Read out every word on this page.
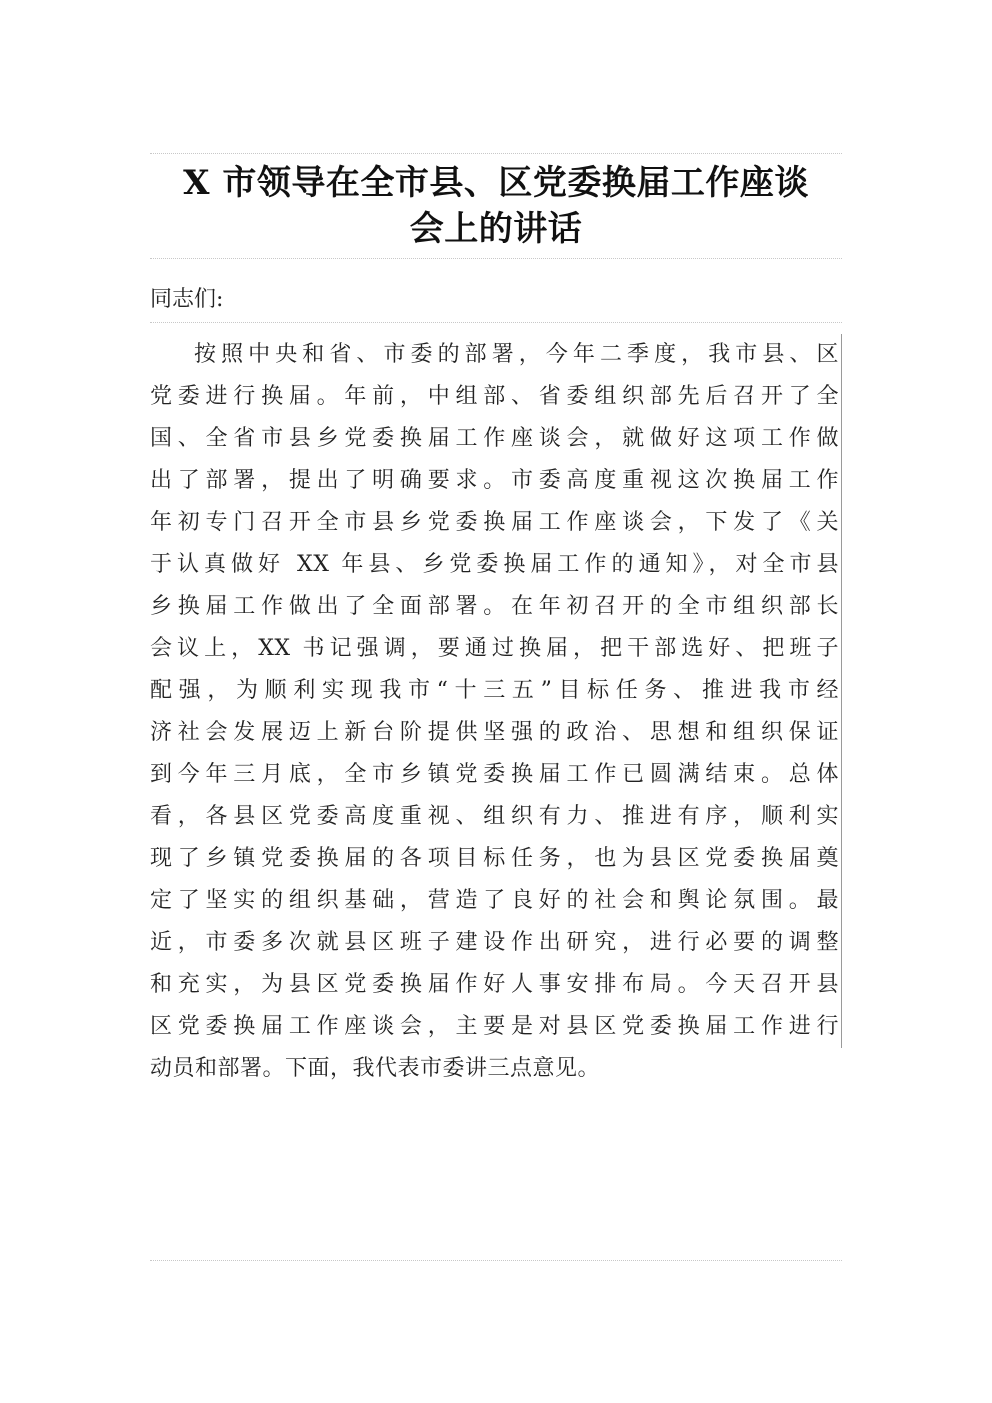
X 市领导在全市县、区党委换届工作座谈
会上的讲话
同志们:
按照中央和省、市委的部署，今年二季度，我市县、区
党委进行换届。年前，中组部、省委组织部先后召开了全
国、全省市县乡党委换届工作座谈会，就做好这项工作做
出了部署，提出了明确要求。市委高度重视这次换届工作
年初专门召开全市县乡党委换届工作座谈会，下发了《关
于认真做好 XX 年县、乡党委换届工作的通知》，对全市县
乡换届工作做出了全面部署。在年初召开的全市组织部长
会议上，XX 书记强调，要通过换届，把干部选好、把班子
配强，为顺利实现我市“十三五”目标任务、推进我市经
济社会发展迈上新台阶提供坚强的政治、思想和组织保证
到今年三月底，全市乡镇党委换届工作已圆满结束。总体
看，各县区党委高度重视、组织有力、推进有序，顺利实
现了乡镇党委换届的各项目标任务，也为县区党委换届奠
定了坚实的组织基础，营造了良好的社会和舆论氛围。最
近，市委多次就县区班子建设作出研究，进行必要的调整
和充实，为县区党委换届作好人事安排布局。今天召开县
区党委换届工作座谈会，主要是对县区党委换届工作进行
动员和部署。下面，我代表市委讲三点意见。
